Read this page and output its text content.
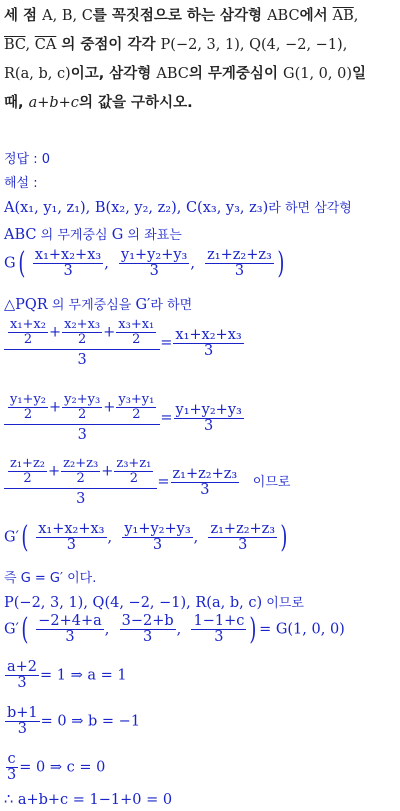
세 점 A, B, C를 꼭짓점으로 하는 삼각형 ABC에서 $\overline{AB}$,
$\overline{BC}$, $\overline{CA}$ 의 중점이 각각 P(−2, 3, 1), Q(4, −2, −1),
R(a, b, c)이고, 삼각형 ABC의 무게중심이 G(1, 0, 0)일
때, a+b+c의 값을 구하시오.
정답 : 0
해설 :
A(x₁, y₁, z₁), B(x₂, y₂, z₂), C(x₃, y₃, z₃)라 하면 삼각형
ABC 의 무게중심 G 의 좌표는
$G( \frac{\text{x₁+x₂+x₃}}{3}$ , $\frac{\text{y₁+y₂+y₃}}{3}$ , $\frac{\text{z₁+z₂+z₃}}{3}$ )
△PQR 의 무게중심을 G′라 하면
$\frac{\frac{\text{x₁+x₂}}{2} + \frac{\text{x₂+x₃}}{2} + \frac{\text{x₃+x₁}}{2}}{3} = \frac{\text{x₁+x₂+x₃}}{3}$
$\frac{\frac{\text{y₁+y₂}}{2} + \frac{\text{y₂+y₃}}{2} + \frac{\text{y₃+y₁}}{2}}{3} = \frac{\text{y₁+y₂+y₃}}{3}$
$\frac{\frac{\text{z₁+z₂}}{2} + \frac{\text{z₂+z₃}}{2} + \frac{\text{z₃+z₁}}{2}}{3} = \frac{\text{z₁+z₂+z₃}}{3}$ 이므로
$G'( \frac{\text{x₁+x₂+x₃}}{3}$ , $\frac{\text{y₁+y₂+y₃}}{3}$ , $\frac{\text{z₁+z₂+z₃}}{3}$ )
즉 G = G′ 이다.
P(−2, 3, 1), Q(4, −2, −1), R(a, b, c) 이므로
$G'( \frac{-2+4+a}{3}$ , $\frac{3-2+b}{3}$ , $\frac{1-1+c}{3}$ ) = G(1, 0, 0)
$\frac{a+2}{3} = 1$ ⇒ a = 1
$\frac{b+1}{3} = 0$ ⇒ b = −1
$\frac{c}{3} = 0$ ⇒ c = 0
∴ a+b+c = 1−1+0 = 0
